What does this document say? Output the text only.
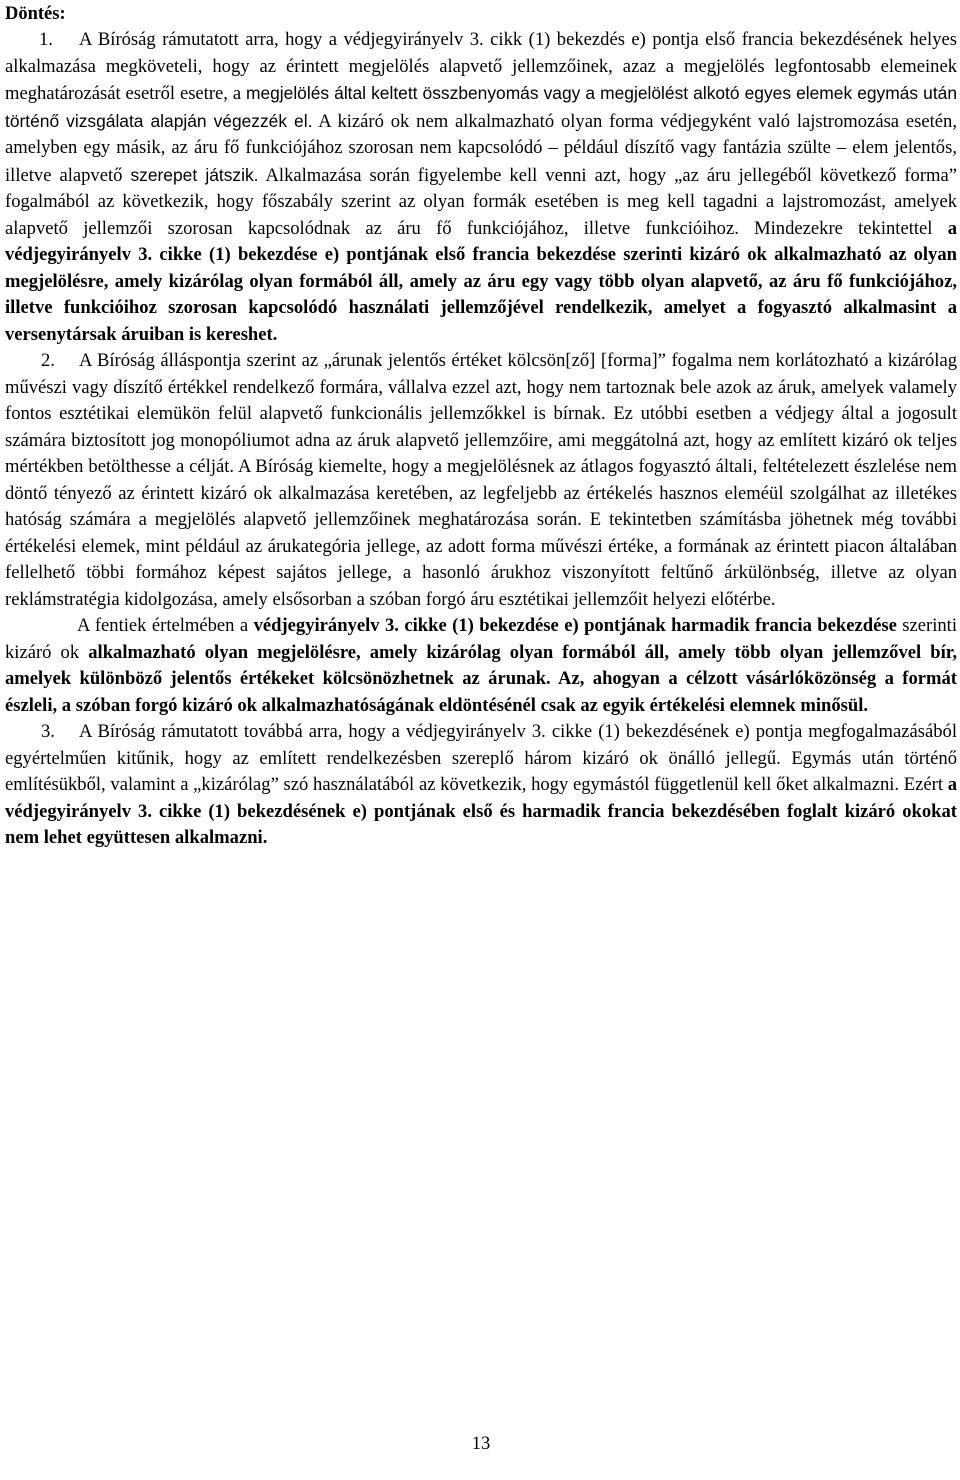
Döntés:

1. A Bíróság rámutatott arra, hogy a védjegyirányelv 3. cikk (1) bekezdés e) pontja első francia bekezdésének helyes alkalmazása megköveteli, hogy az érintett megjelölés alapvető jellemzőinek, azaz a megjelölés legfontosabb elemeinek meghatározását esetről esetre, a megjelölés által keltett összbenyomás vagy a megjelölést alkotó egyes elemek egymás után történő vizsgálata alapján végezzék el. A kizáró ok nem alkalmazható olyan forma védjegyként való lajstromozása esetén, amelyben egy másik, az áru fő funkciójához szorosan nem kapcsolódó – például díszítő vagy fantázia szülte – elem jelentős, illetve alapvető szerepet játszik. Alkalmazása során figyelembe kell venni azt, hogy „az áru jellegéből következő forma” fogalmából az következik, hogy főszabály szerint az olyan formák esetében is meg kell tagadni a lajstromozást, amelyek alapvető jellemzői szorosan kapcsolódnak az áru fő funkciójához, illetve funkcióihoz. Mindezekre tekintettel a védjegyirányelv 3. cikke (1) bekezdése e) pontjának első francia bekezdése szerinti kizáró ok alkalmazható az olyan megjelölésre, amely kizárólag olyan formából áll, amely az áru egy vagy több olyan alapvető, az áru fő funkciójához, illetve funkcióihoz szorosan kapcsolódó használati jellemzőjével rendelkezik, amelyet a fogyasztó alkalmasint a versenytársak áruiban is kereshet.

2. A Bíróság álláspontja szerint az „árunak jelentős értéket kölcsön[ző] [forma]” fogalma nem korlátozható a kizárólag művészi vagy díszítő értékkel rendelkező formára, vállalva ezzel azt, hogy nem tartoznak bele azok az áruk, amelyek valamely fontos esztétikai elemükön felül alapvető funkcionális jellemzőkkel is bírnak. Ez utóbbi esetben a védjegy által a jogosult számára biztosított jog monopóliumot adna az áruk alapvető jellemzőire, ami meggátolná azt, hogy az említett kizáró ok teljes mértékben betölthesse a célját. A Bíróság kiemelte, hogy a megjelölésnek az átlagos fogyasztó általi, feltételezett észlelése nem döntő tényező az érintett kizáró ok alkalmazása keretében, az legfeljebb az értékelés hasznos eleméül szolgálhat az illetékes hatóság számára a megjelölés alapvető jellemzőinek meghatározása során. E tekintetben számításba jöhetnek még további értékelési elemek, mint például az árukategória jellege, az adott forma művészi értéke, a formának az érintett piacon általában fellelhető többi formához képest sajátos jellege, a hasonló árukhoz viszonyított feltűnő árkülönbség, illetve az olyan reklámstratégia kidolgozása, amely elsősorban a szóban forgó áru esztétikai jellemzőit helyezi előtérbe.

A fentiek értelmében a védjegyirányelv 3. cikke (1) bekezdése e) pontjának harmadik francia bekezdése szerinti kizáró ok alkalmazható olyan megjelölésre, amely kizárólag olyan formából áll, amely több olyan jellemzővel bír, amelyek különböző jelentős értékeket kölcsönözhetnek az árunak. Az, ahogyan a célzott vásárlóközönség a formát észleli, a szóban forgó kizáró ok alkalmazhatóságának eldöntésénél csak az egyik értékelési elemnek minősül.

3. A Bíróság rámutatott továbbá arra, hogy a védjegyirányelv 3. cikke (1) bekezdésének e) pontja megfogalmazásából egyértelműen kitűnik, hogy az említett rendelkezésben szereplő három kizáró ok önálló jellegű. Egymás után történő említésükből, valamint a „kizárólag” szó használatából az következik, hogy egymástól függetlenül kell őket alkalmazni. Ezért a védjegyirányelv 3. cikke (1) bekezdésének e) pontjának első és harmadik francia bekezdésében foglalt kizáró okokat nem lehet együttesen alkalmazni.

13
